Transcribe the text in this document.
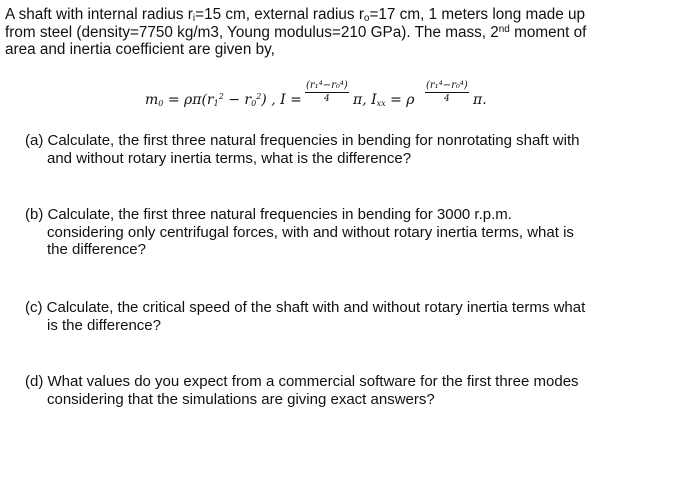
A shaft with internal radius $r_i=15$ cm, external radius $r_o=17$ cm, 1 meters long made up
from steel (density=7750 kg/m3, Young modulus=210 GPa). The mass, 2nd moment of
area and inertia coefficient are given by,
$m_0 = \rho\pi(r_1^2 - r_0^2)$ , $I = \frac{\text{(r₁⁴−r₀⁴)}}{4} \pi$, $I_{xx} = \rho \frac{\text{(r₁⁴−r₀⁴)}}{4} \pi$.
(a) Calculate, the first three natural frequencies in bending for nonrotating shaft with
and without rotary inertia terms, what is the difference?
(b) Calculate, the first three natural frequencies in bending for 3000 r.p.m.
considering only centrifugal forces, with and without rotary inertia terms, what is
the difference?
(c) Calculate, the critical speed of the shaft with and without rotary inertia terms what
is the difference?
(d) What values do you expect from a commercial software for the first three modes
considering that the simulations are giving exact answers?
